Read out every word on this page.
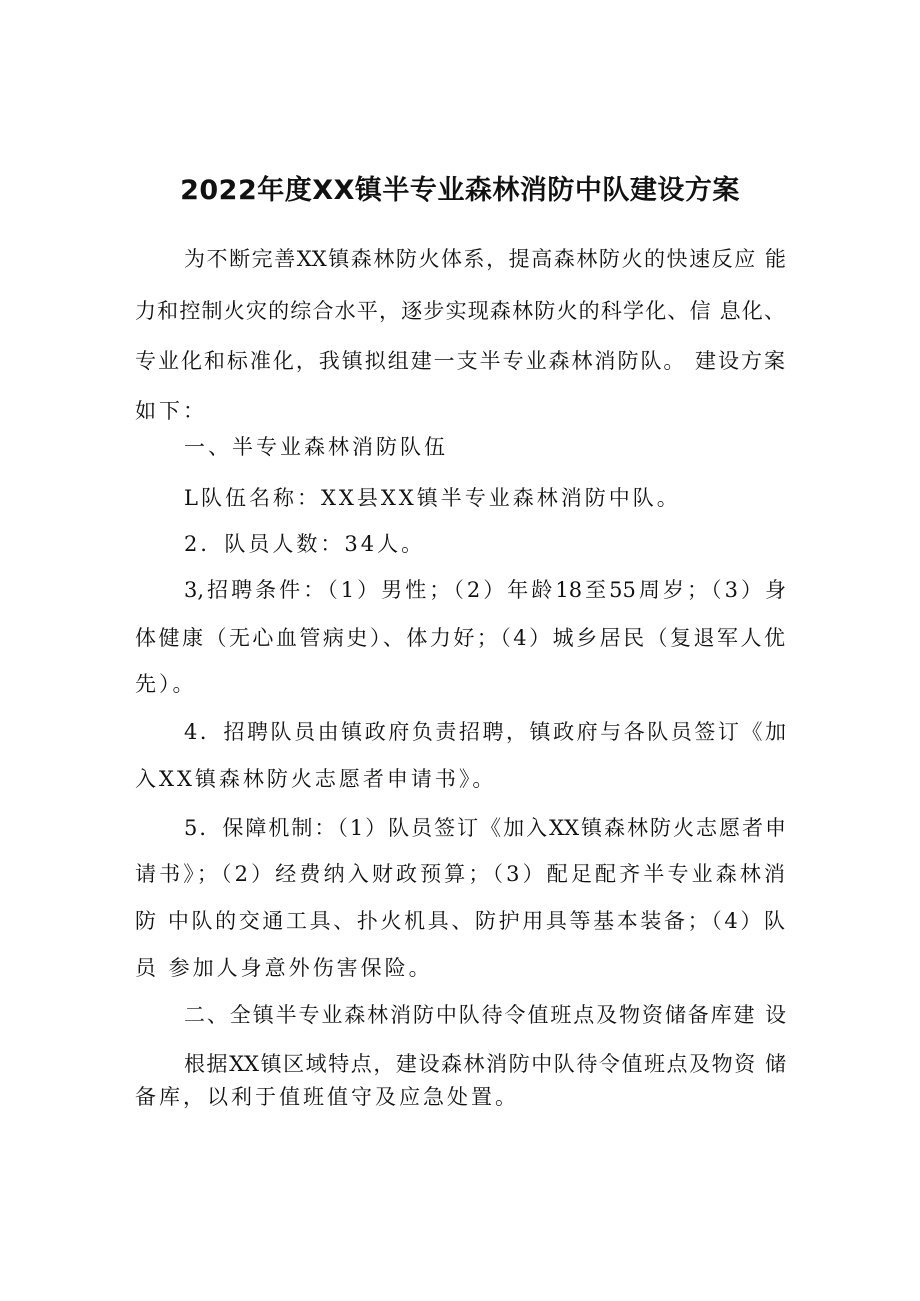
2022年度XX镇半专业森林消防中队建设方案
为不断完善XX镇森林防火体系，提高森林防火的快速反应 能
力和控制火灾的综合水平，逐步实现森林防火的科学化、信 息化、
专业化和标准化，我镇拟组建一支半专业森林消防队。 建设方案
如下：
一、半专业森林消防队伍
L队伍名称：XX县XX镇半专业森林消防中队。
2．队员人数：34人。
3,招聘条件：（1）男性；（2）年龄18至55周岁；（3）身
体健康（无心血管病史）、体力好；（4）城乡居民（复退军人优
先）。
4．招聘队员由镇政府负责招聘，镇政府与各队员签订《加
入XX镇森林防火志愿者申请书》。
5．保障机制：（1）队员签订《加入XX镇森林防火志愿者申
请书》；（2）经费纳入财政预算；（3）配足配齐半专业森林消
防 中队的交通工具、扑火机具、防护用具等基本装备；（4）队
员 参加人身意外伤害保险。
二、全镇半专业森林消防中队待令值班点及物资储备库建 设
根据XX镇区域特点，建设森林消防中队待令值班点及物资 储
备库，以利于值班值守及应急处置。
